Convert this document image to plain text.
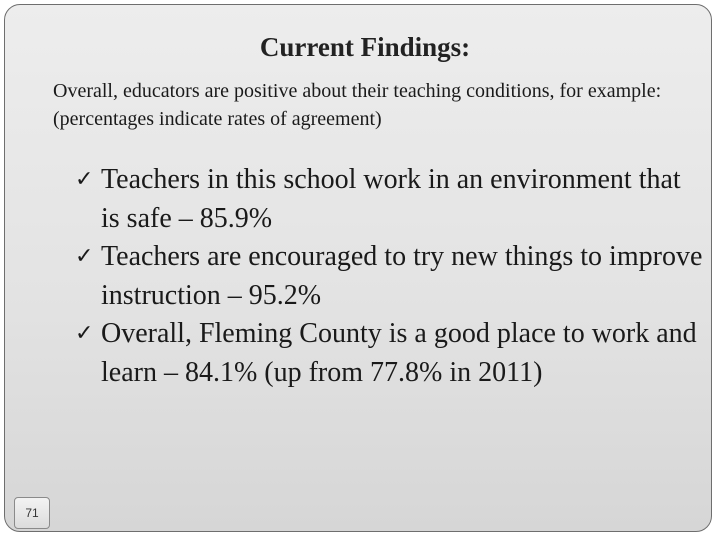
Current Findings:

Overall, educators are positive about their teaching conditions, for example: (percentages indicate rates of agreement)

✓ Teachers in this school work in an environment that is safe – 85.9%
✓ Teachers are encouraged to try new things to improve instruction – 95.2%
✓ Overall, Fleming County is a good place to work and learn – 84.1% (up from 77.8% in 2011)
71
